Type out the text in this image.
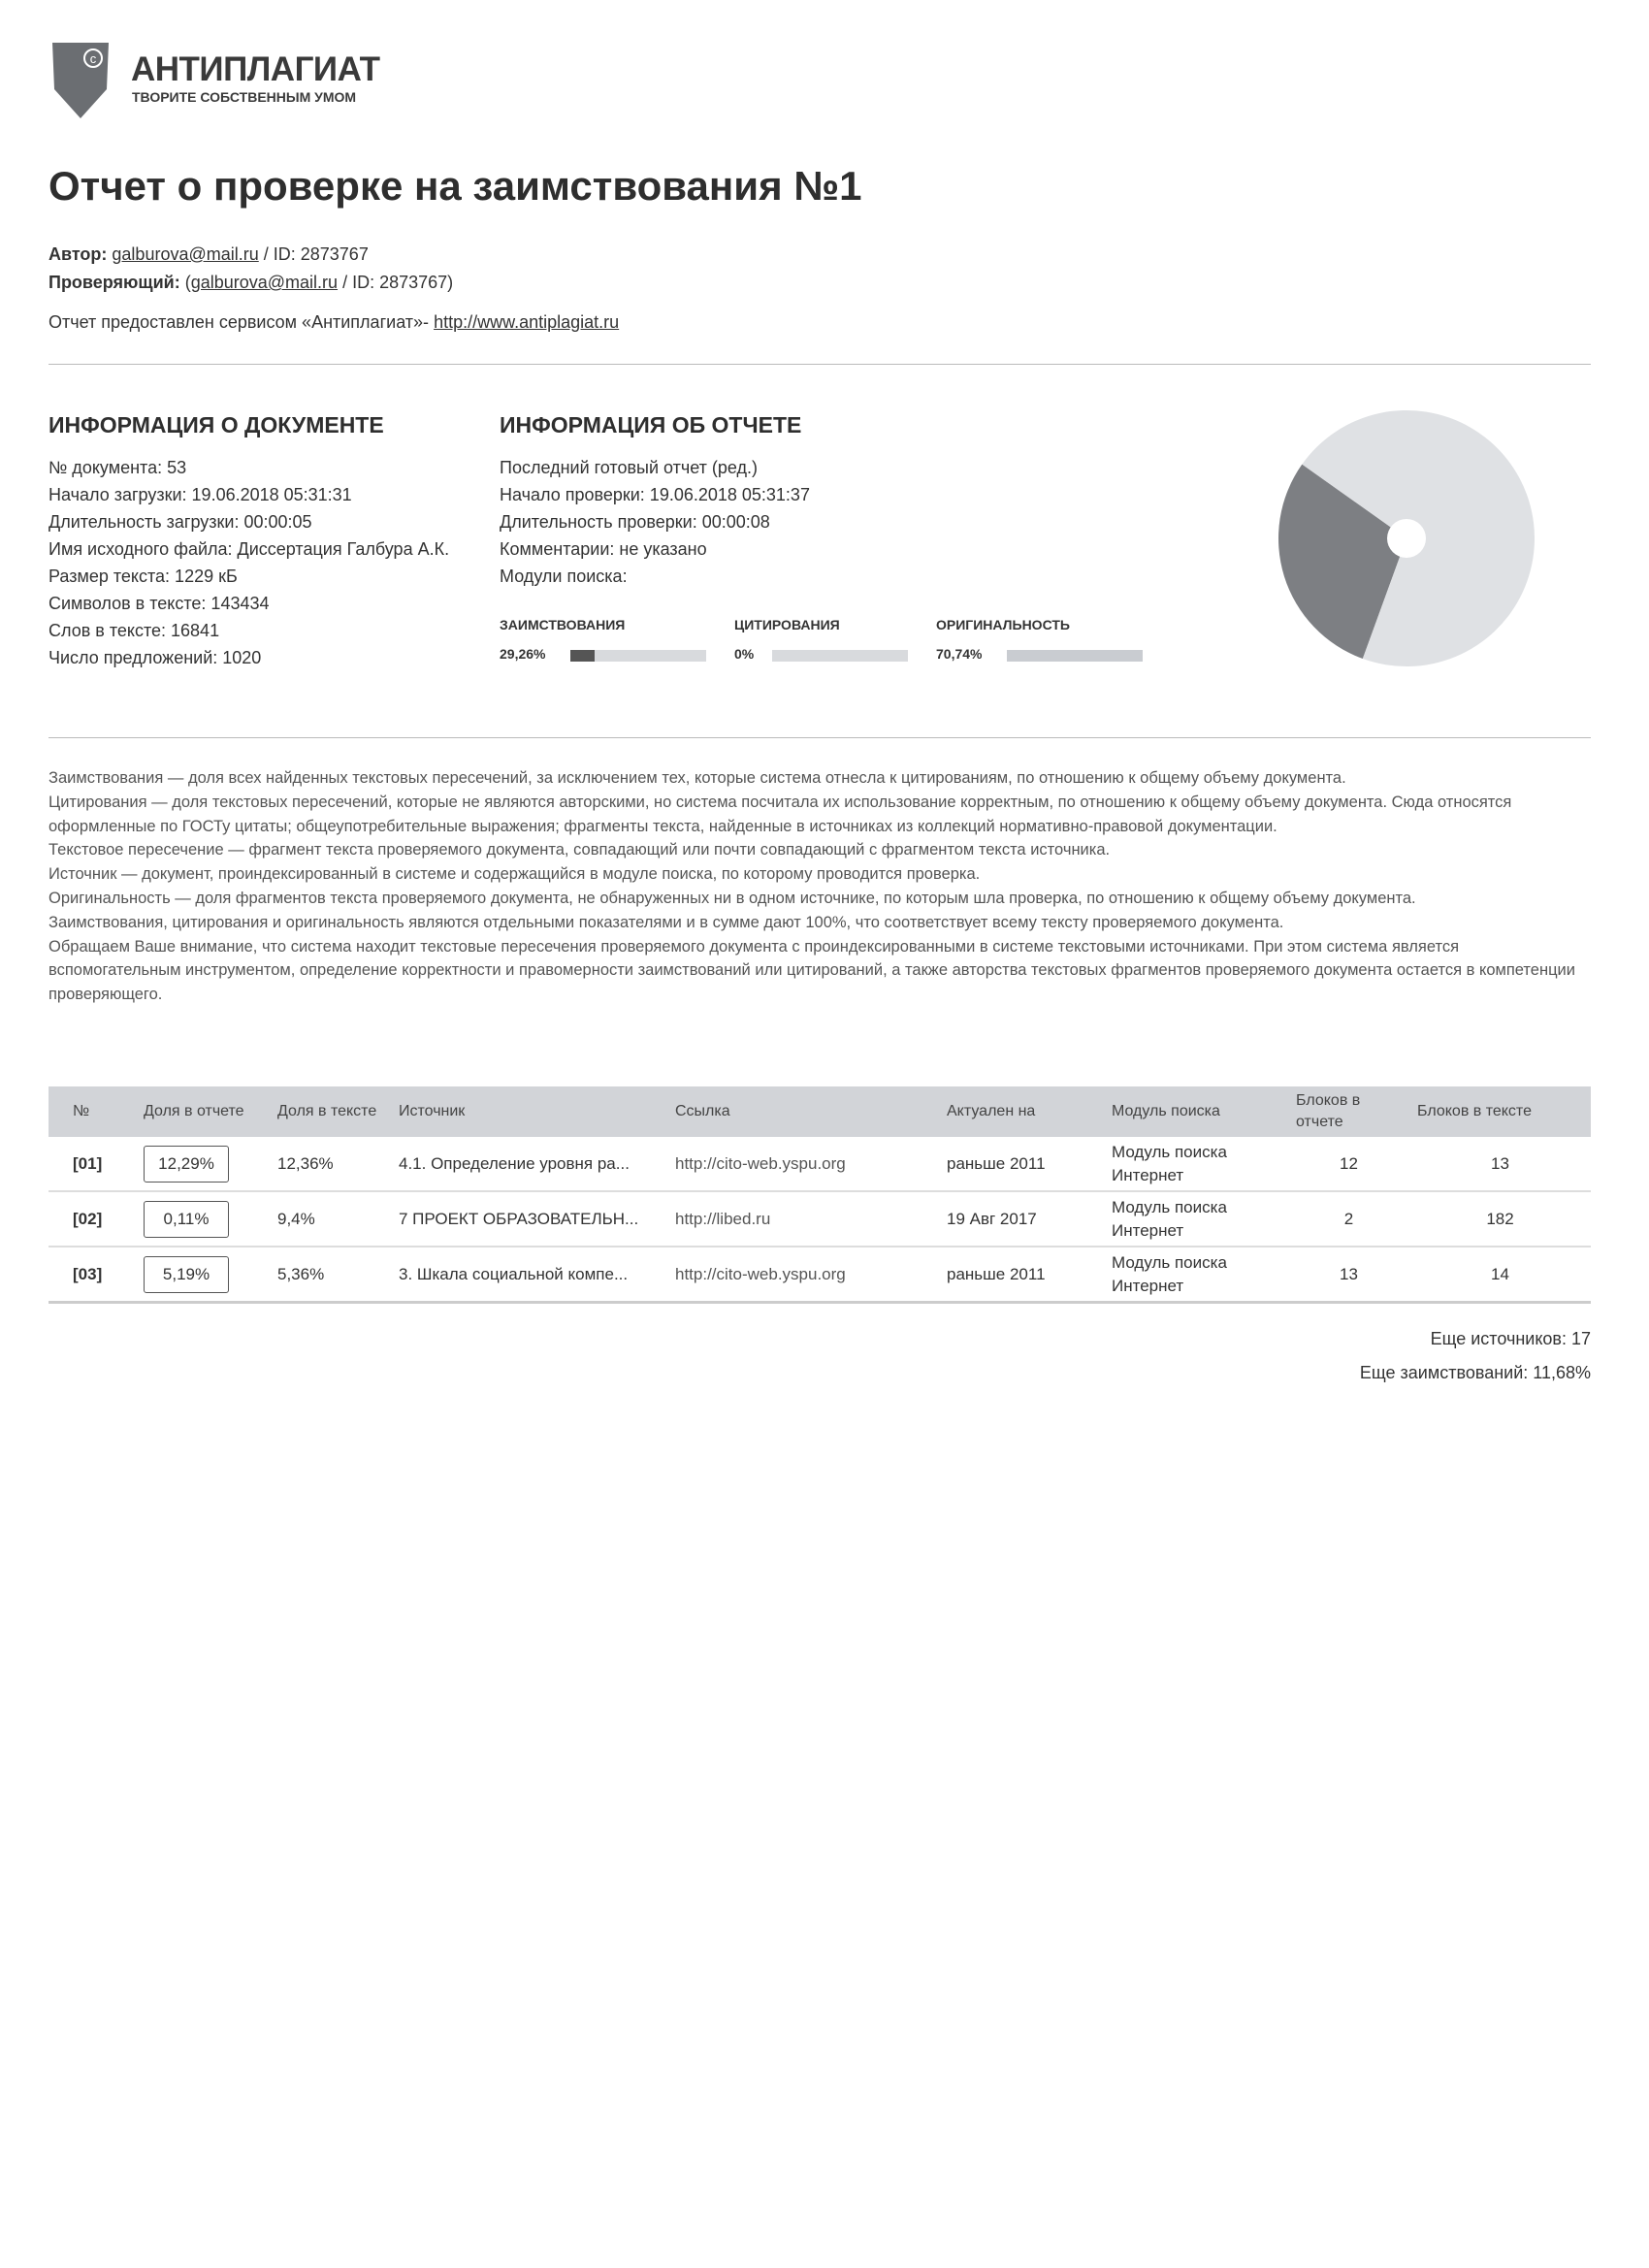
c АНТИПЛАГИАТ
ТВОРИТЕ СОБСТВЕННЫМ УМОМ
Отчет о проверке на заимствования №1
Автор: galburova@mail.ru / ID: 2873767
Проверяющий: (galburova@mail.ru / ID: 2873767)
Отчет предоставлен сервисом «Антиплагиат»- http://www.antiplagiat.ru
ИНФОРМАЦИЯ О ДОКУМЕНТЕ
№ документа: 53
Начало загрузки: 19.06.2018 05:31:31
Длительность загрузки: 00:00:05
Имя исходного файла: Диссертация Галбура А.К.
Размер текста: 1229 кБ
Символов в тексте: 143434
Слов в тексте: 16841
Число предложений: 1020
ИНФОРМАЦИЯ ОБ ОТЧЕТЕ
Последний готовый отчет (ред.)
Начало проверки: 19.06.2018 05:31:37
Длительность проверки: 00:00:08
Комментарии: не указано
Модули поиска:
ЗАИМСТВОВАНИЯ
29,26%
ЦИТИРОВАНИЯ
0%
ОРИГИНАЛЬНОСТЬ
70,74%

Заимствования — доля всех найденных текстовых пересечений, за исключением тех, которые система отнесла к цитированиям, по отношению к общему объему документа.

Цитирования — доля текстовых пересечений, которые не являются авторскими, но система посчитала их использование корректным, по отношению к общему объему документа. Сюда относятся оформленные по ГОСТу цитаты; общеупотребительные выражения; фрагменты текста, найденные в источниках из коллекций нормативно-правовой документации.

Текстовое пересечение — фрагмент текста проверяемого документа, совпадающий или почти совпадающий с фрагментом текста источника.

Источник — документ, проиндексированный в системе и содержащийся в модуле поиска, по которому проводится проверка.

Оригинальность — доля фрагментов текста проверяемого документа, не обнаруженных ни в одном источнике, по которым шла проверка, по отношению к общему объему документа.

Заимствования, цитирования и оригинальность являются отдельными показателями и в сумме дают 100%, что соответствует всему тексту проверяемого документа.

Обращаем Ваше внимание, что система находит текстовые пересечения проверяемого документа с проиндексированными в системе текстовыми источниками. При этом система является вспомогательным инструментом, определение корректности и правомерности заимствований или цитирований, а также авторства текстовых фрагментов проверяемого документа остается в компетенции проверяющего.

№	Доля в отчете	Доля в тексте	Источник	Ссылка	Актуален на	Модуль поиска	Блоков в отчете	Блоков в тексте
[01]	12,29%	12,36%	4.1. Определение уровня ра...	http://cito-web.yspu.org	раньше 2011	Модуль поиска Интернет	12	13
[02]	0,11%	9,4%	7 ПРОЕКТ ОБРАЗОВАТЕЛЬН...	http://libed.ru	19 Авг 2017	Модуль поиска Интернет	2	182
[03]	5,19%	5,36%	3. Шкала социальной компе...	http://cito-web.yspu.org	раньше 2011	Модуль поиска Интернет	13	14
Еще источников: 17
Еще заимствований: 11,68%
